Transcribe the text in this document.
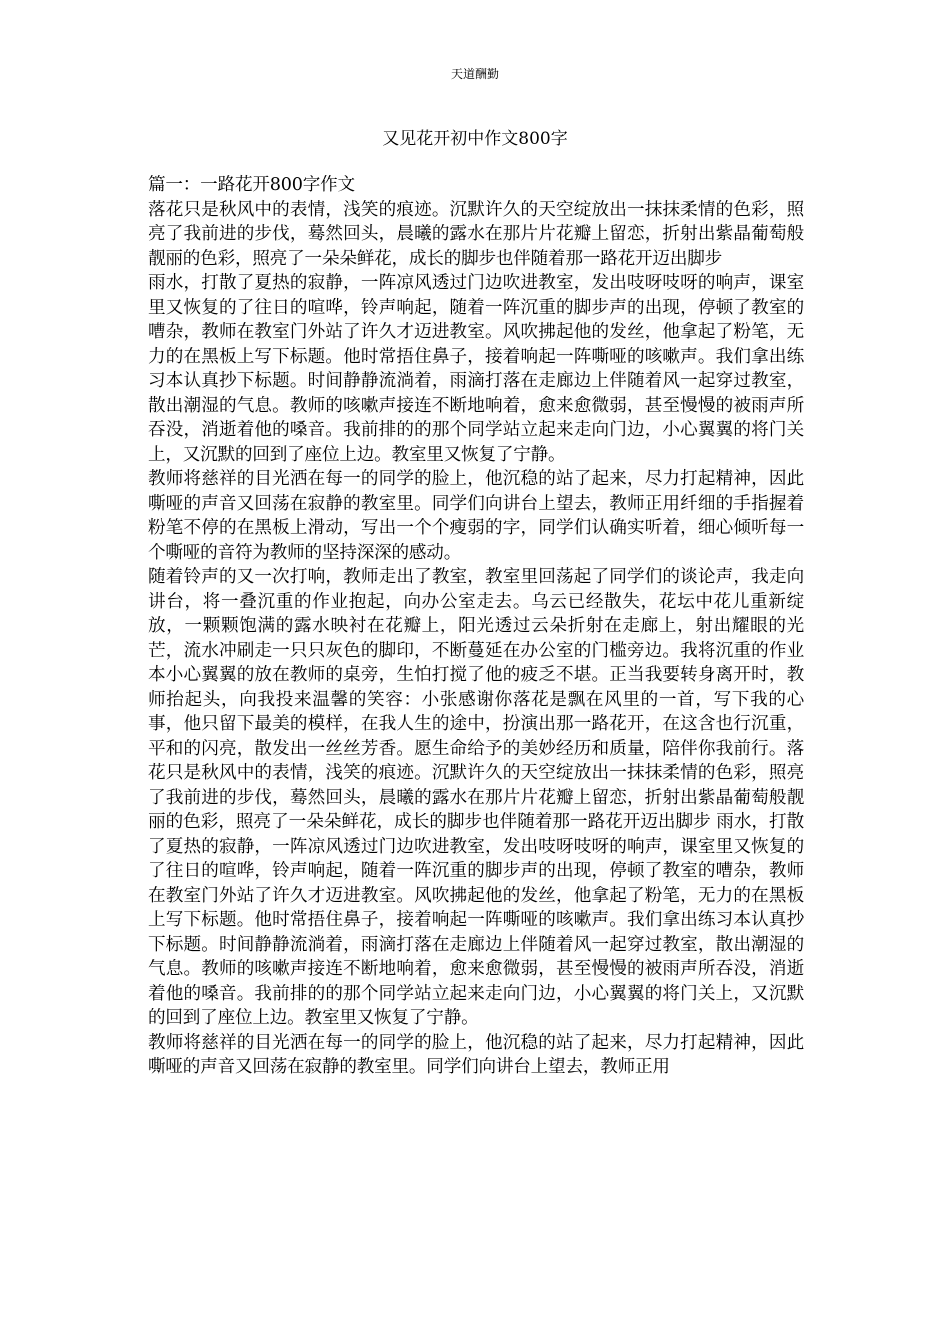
天道酬勤
又见花开初中作文800字

篇一：一路花开800字作文

落花只是秋风中的表情，浅笑的痕迹。沉默许久的天空绽放出一抹抹柔情的色彩，照亮了我前进的步伐，蓦然回头，晨曦的露水在那片片花瓣上留恋，折射出紫晶葡萄般靓丽的色彩，照亮了一朵朵鲜花，成长的脚步也伴随着那一路花开迈出脚步

雨水，打散了夏热的寂静，一阵凉风透过门边吹进教室，发出吱呀吱呀的响声，课室里又恢复的了往日的喧哗，铃声响起，随着一阵沉重的脚步声的出现，停顿了教室的嘈杂，教师在教室门外站了许久才迈进教室。风吹拂起他的发丝，他拿起了粉笔，无力的在黑板上写下标题。他时常捂住鼻子，接着响起一阵嘶哑的咳嗽声。我们拿出练习本认真抄下标题。时间静静流淌着，雨滴打落在走廊边上伴随着风一起穿过教室，散出潮湿的气息。教师的咳嗽声接连不断地响着，愈来愈微弱，甚至慢慢的被雨声所吞没，消逝着他的嗓音。我前排的的那个同学站立起来走向门边，小心翼翼的将门关上，又沉默的回到了座位上边。教室里又恢复了宁静。

教师将慈祥的目光洒在每一的同学的脸上，他沉稳的站了起来，尽力打起精神，因此嘶哑的声音又回荡在寂静的教室里。同学们向讲台上望去，教师正用纤细的手指握着粉笔不停的在黑板上滑动，写出一个个瘦弱的字，同学们认确实听着，细心倾听每一个嘶哑的音符为教师的坚持深深的感动。

随着铃声的又一次打响，教师走出了教室，教室里回荡起了同学们的谈论声，我走向讲台，将一叠沉重的作业抱起，向办公室走去。乌云已经散失，花坛中花儿重新绽放，一颗颗饱满的露水映衬在花瓣上，阳光透过云朵折射在走廊上，射出耀眼的光芒，流水冲刷走一只只灰色的脚印，不断蔓延在办公室的门槛旁边。我将沉重的作业本小心翼翼的放在教师的桌旁，生怕打搅了他的疲乏不堪。正当我要转身离开时，教师抬起头，向我投来温馨的笑容：小张感谢你落花是飘在风里的一首，写下我的心事，他只留下最美的模样，在我人生的途中，扮演出那一路花开，在这含也行沉重，平和的闪亮，散发出一丝丝芳香。愿生命给予的美妙经历和质量，陪伴你我前行。落花只是秋风中的表情，浅笑的痕迹。沉默许久的天空绽放出一抹抹柔情的色彩，照亮了我前进的步伐，蓦然回头，晨曦的露水在那片片花瓣上留恋，折射出紫晶葡萄般靓丽的色彩，照亮了一朵朵鲜花，成长的脚步也伴随着那一路花开迈出脚步 雨水，打散了夏热的寂静，一阵凉风透过门边吹进教室，发出吱呀吱呀的响声，课室里又恢复的了往日的喧哗，铃声响起，随着一阵沉重的脚步声的出现，停顿了教室的嘈杂，教师在教室门外站了许久才迈进教室。风吹拂起他的发丝，他拿起了粉笔，无力的在黑板上写下标题。他时常捂住鼻子，接着响起一阵嘶哑的咳嗽声。我们拿出练习本认真抄下标题。时间静静流淌着，雨滴打落在走廊边上伴随着风一起穿过教室，散出潮湿的气息。教师的咳嗽声接连不断地响着，愈来愈微弱，甚至慢慢的被雨声所吞没，消逝着他的嗓音。我前排的的那个同学站立起来走向门边，小心翼翼的将门关上，又沉默的回到了座位上边。教室里又恢复了宁静。

教师将慈祥的目光洒在每一的同学的脸上，他沉稳的站了起来，尽力打起精神，因此嘶哑的声音又回荡在寂静的教室里。同学们向讲台上望去，教师正用
